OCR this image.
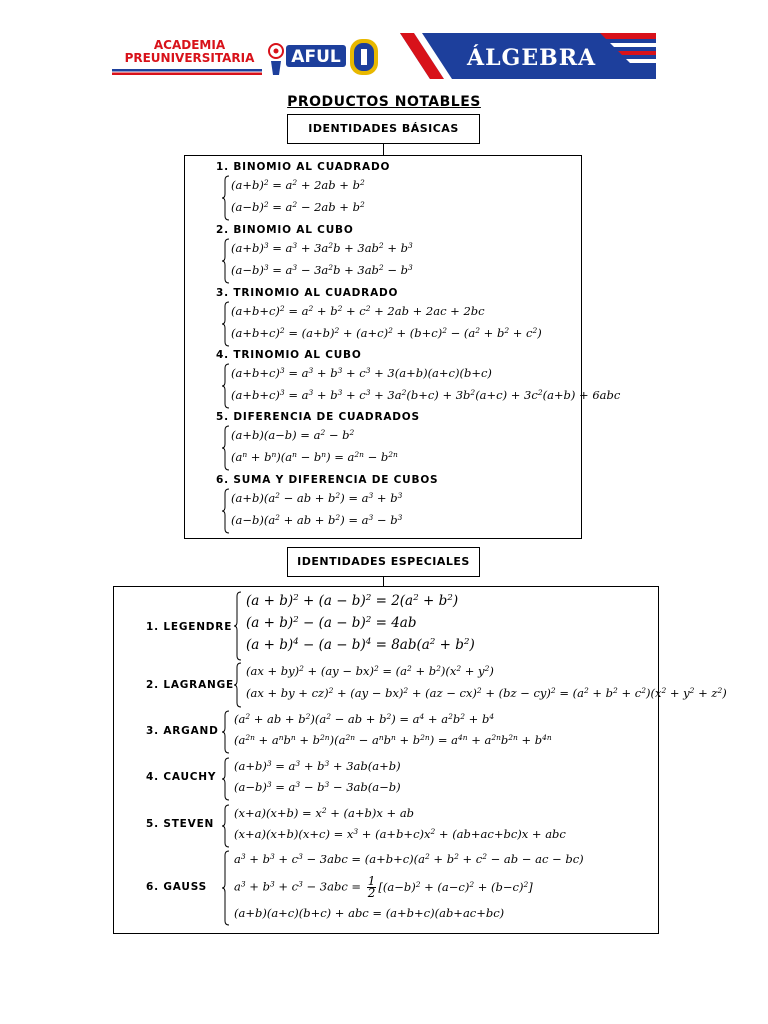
ACADEMIA
PREUNIVERSITARIA	AFUL	ÁLGEBRA
PRODUCTOS NOTABLES
IDENTIDADES BÁSICAS
1. BINOMIO AL CUADRADO
$(a+b)^2 = a^2 + 2ab + b^2$
$(a-b)^2 = a^2 - 2ab + b^2$
2. BINOMIO AL CUBO
$(a+b)^3 = a^3 + 3a^2b + 3ab^2 + b^3$
$(a-b)^3 = a^3 - 3a^2b + 3ab^2 - b^3$
3. TRINOMIO AL CUADRADO
$(a+b+c)^2 = a^2 + b^2 + c^2 + 2ab + 2ac + 2bc$
$(a+b+c)^2 = (a+b)^2 + (a+c)^2 + (b+c)^2 - (a^2 + b^2 + c^2)$
4. TRINOMIO AL CUBO
$(a+b+c)^3 = a^3 + b^3 + c^3 + 3(a+b)(a+c)(b+c)$
$(a+b+c)^3 = a^3 + b^3 + c^3 + 3a^2(b+c) + 3b^2(a+c) + 3c^2(a+b) + 6abc$
5. DIFERENCIA DE CUADRADOS
$(a+b)(a-b) = a^2 - b^2$
$(a^n + b^n)(a^n - b^n) = a^{2n} - b^{2n}$
6. SUMA Y DIFERENCIA DE CUBOS
$(a+b)(a^2$ − ab + $b^2) = a^3 + b^3$
$(a-b)(a^2$ + ab + $b^2) = a^3 - b^3$
IDENTIDADES ESPECIALES
1. LEGENDRE
$(a + b)^2 + (a - b)^2 = 2(a^2 + b^2)$
$(a + b)^2 - (a - b)^2 = 4ab$
$(a + b)^4 - (a - b)^4 = 8ab(a^2 + b^2)$
2. LAGRANGE
$(ax + by)^2 + (ay - bx)^2 = (a^2 + b^2)(x^2 + y^2)$
(ax + by + $cz)^2 + (ay - bx)^2 + (az - cx)^2 + (bz - cy)^2 = (a^2 + b^2 + c^2)(x^2 + y^2 + z^2)$
3. ARGAND
($a^2$ + ab + $b^2)(a^2$ − ab + $b^2) = a^4 + a^2b^2 + b^4$
$(a^{2n} + a^nb^n + b^{2n})(a^{2n} - a^nb^n + b^{2n}) = a^{4n} + a^{2n}b^{2n} + b^{4n}$
4. CAUCHY
$(a+b)^3 = a^3 + b^3 + 3ab(a+b)$
$(a-b)^3 = a^3 - b^3 - 3ab(a-b)$
5. STEVEN
$(x+a)(x+b) = x^2 + (a+b)x$ + ab
$(x+a)(x+b)(x+c) = x^3 + (a+b+c)x^2 + (ab+ac+bc)x$ + abc
6. GAUSS
$a^3 + b^3 + c^3 - 3abc = (a+b+c)(a^2 + b^2 + c^2$ − ab − ac − bc)
$a^3 + b^3 + c^3 - 3abc = \frac{1}{2} [(a-b)^2 + (a-c)^2 + (b-c)^2]$
(a+b)(a+c)(b+c) + abc = (a+b+c)(ab+ac+bc)
